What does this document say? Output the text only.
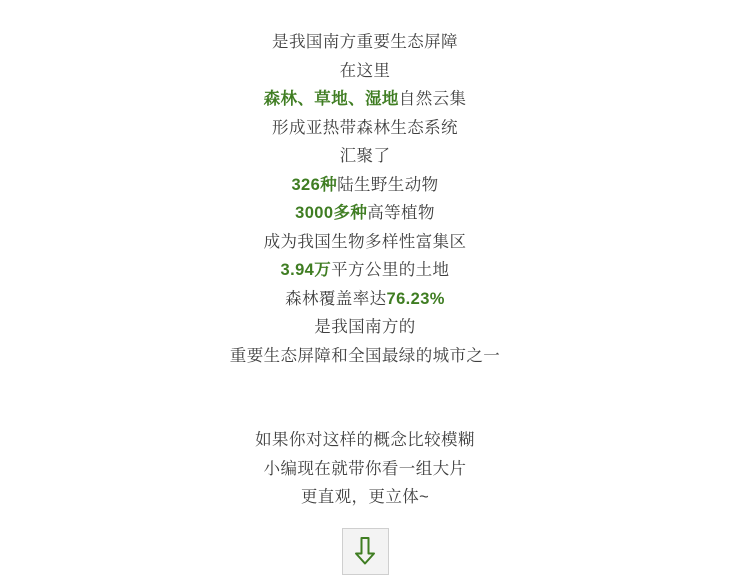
是我国南方重要生态屏障
在这里
森林、草地、湿地自然云集
形成亚热带森林生态系统
汇聚了
326种陆生野生动物
3000多种高等植物
成为我国生物多样性富集区
3.94万平方公里的土地
森林覆盖率达76.23%
是我国南方的
重要生态屏障和全国最绿的城市之一
如果你对这样的概念比较模糊
小编现在就带你看一组大片
更直观，更立体~
